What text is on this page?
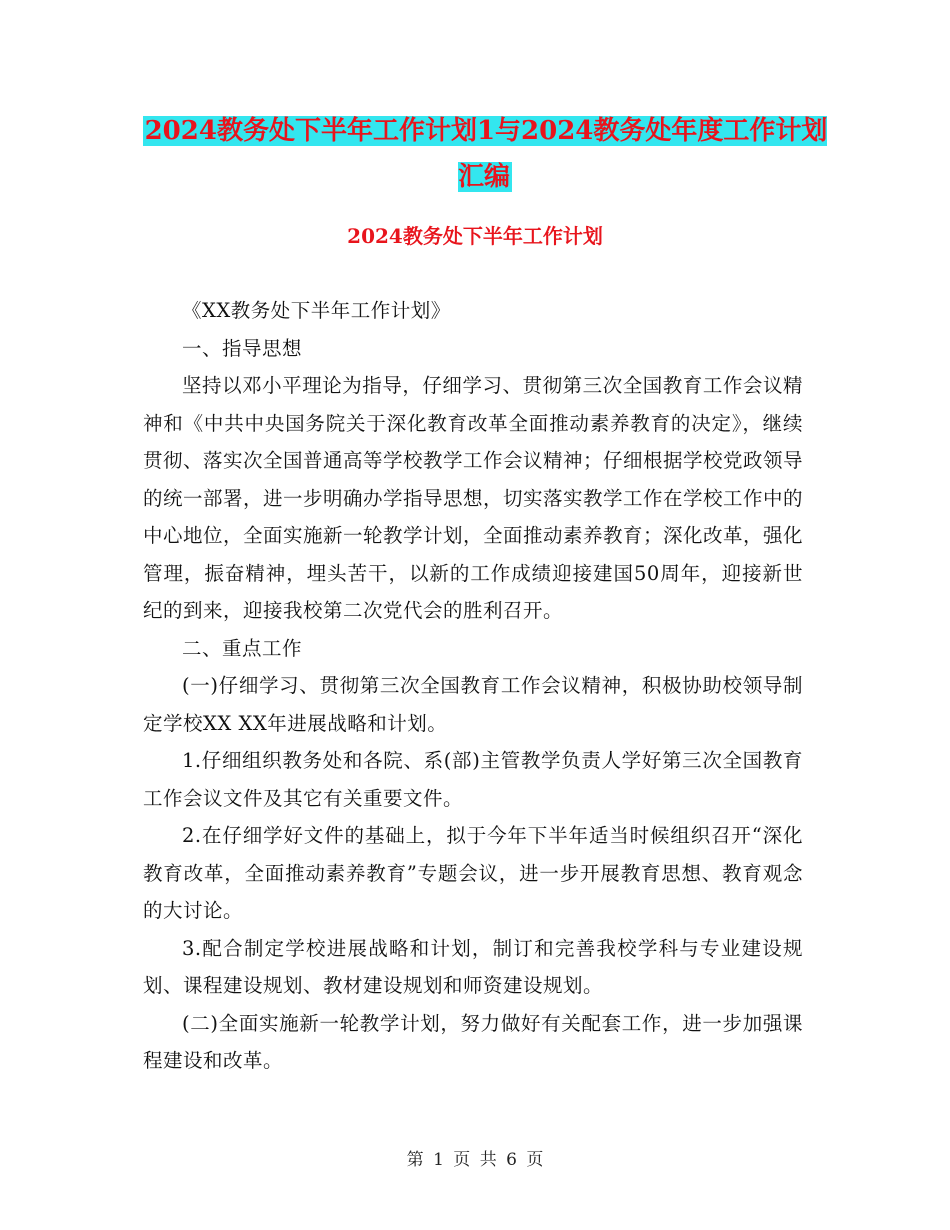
2024教务处下半年工作计划1与2024教务处年度工作计划汇编
2024教务处下半年工作计划

《XX教务处下半年工作计划》

一、指导思想

坚持以邓小平理论为指导，仔细学习、贯彻第三次全国教育工作会议精神和《中共中央国务院关于深化教育改革全面推动素养教育的决定》，继续贯彻、落实次全国普通高等学校教学工作会议精神；仔细根据学校党政领导的统一部署，进一步明确办学指导思想，切实落实教学工作在学校工作中的中心地位，全面实施新一轮教学计划，全面推动素养教育；深化改革，强化管理，振奋精神，埋头苦干，以新的工作成绩迎接建国50周年，迎接新世纪的到来，迎接我校第二次党代会的胜利召开。

二、重点工作

(一)仔细学习、贯彻第三次全国教育工作会议精神，积极协助校领导制定学校XX XX年进展战略和计划。

1.仔细组织教务处和各院、系(部)主管教学负责人学好第三次全国教育工作会议文件及其它有关重要文件。

2.在仔细学好文件的基础上，拟于今年下半年适当时候组织召开“深化教育改革，全面推动素养教育”专题会议，进一步开展教育思想、教育观念的大讨论。

3.配合制定学校进展战略和计划，制订和完善我校学科与专业建设规划、课程建设规划、教材建设规划和师资建设规划。

(二)全面实施新一轮教学计划，努力做好有关配套工作，进一步加强课程建设和改革。

第 1 页 共 6 页
